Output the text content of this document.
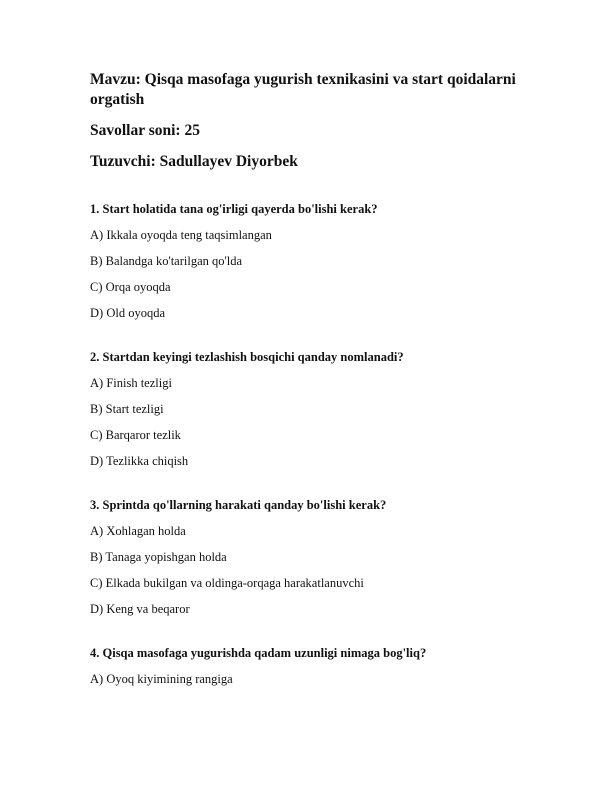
Mavzu: Qisqa masofaga yugurish texnikasini va start qoidalarni orgatish
Savollar soni: 25
Tuzuvchi: Sadullayev Diyorbek
1. Start holatida tana og'irligi qayerda bo'lishi kerak?
A) Ikkala oyoqda teng taqsimlangan
B) Balandga ko'tarilgan qo'lda
C) Orqa oyoqda
D) Old oyoqda
2. Startdan keyingi tezlashish bosqichi qanday nomlanadi?
A) Finish tezligi
B) Start tezligi
C) Barqaror tezlik
D) Tezlikka chiqish
3. Sprintda qo'llarning harakati qanday bo'lishi kerak?
A) Xohlagan holda
B) Tanaga yopishgan holda
C) Elkada bukilgan va oldinga-orqaga harakatlanuvchi
D) Keng va beqaror
4. Qisqa masofaga yugurishda qadam uzunligi nimaga bog'liq?
A) Oyoq kiyimining rangiga
